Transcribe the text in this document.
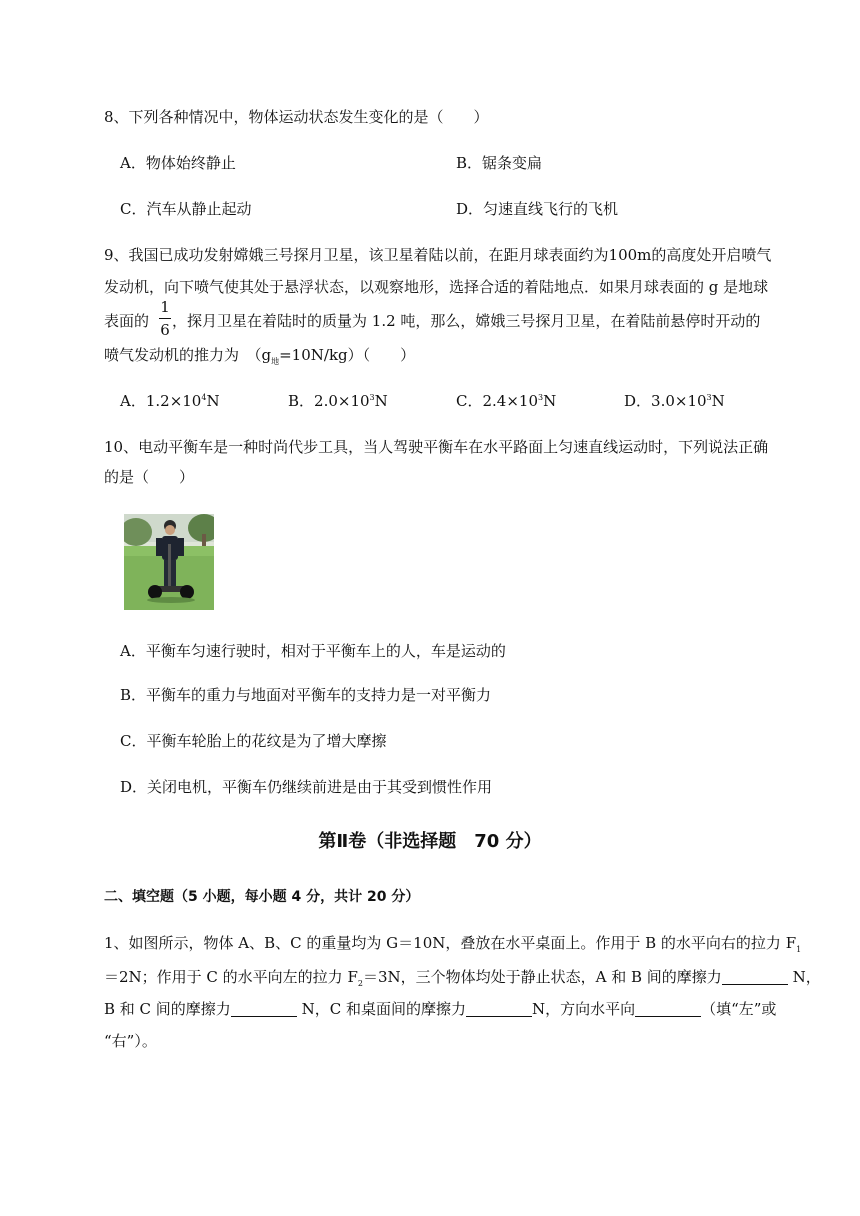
8、下列各种情况中，物体运动状态发生变化的是（　　）
A．物体始终静止	B．锯条变扁
C．汽车从静止起动	D．匀速直线飞行的飞机
9、我国已成功发射嫦娥三号探月卫星，该卫星着陆以前，在距月球表面约为100m的高度处开启喷气
发动机，向下喷气使其处于悬浮状态，以观察地形，选择合适的着陆地点．如果月球表面的 g 是地球
表面的
1
6 ，探月卫星在着陆时的质量为 1.2 吨，那么，嫦娥三号探月卫星，在着陆前悬停时开动的
喷气发动机的推力为　$(g_地=10N/kg)$（　　）
A．$1.2\times 10^4N$	B．$2.0\times 10^3N$	C．$2.4\times 10^3N$	D．$3.0\times 10^3N$
10、电动平衡车是一种时尚代步工具，当人驾驶平衡车在水平路面上匀速直线运动时，下列说法正确
的是（　　）
A．平衡车匀速行驶时，相对于平衡车上的人，车是运动的
B．平衡车的重力与地面对平衡车的支持力是一对平衡力
C．平衡车轮胎上的花纹是为了增大摩擦
D．关闭电机，平衡车仍继续前进是由于其受到惯性作用
第Ⅱ卷（非选择题　70 分）
二、填空题（5 小题，每小题 4 分，共计 20 分）
1、如图所示，物体 A、B、C 的重量均为 G＝10N，叠放在水平桌面上。作用于 B 的水平向右的拉力 $F_1$
＝2N；作用于 C 的水平向左的拉力 $F_2=3N$，三个物体均处于静止状态，A 和 B 间的摩擦力	N，
B 和 C 间的摩擦力	N，C 和桌面间的摩擦力	N，方向水平向	（填“左”或
“右”）。
